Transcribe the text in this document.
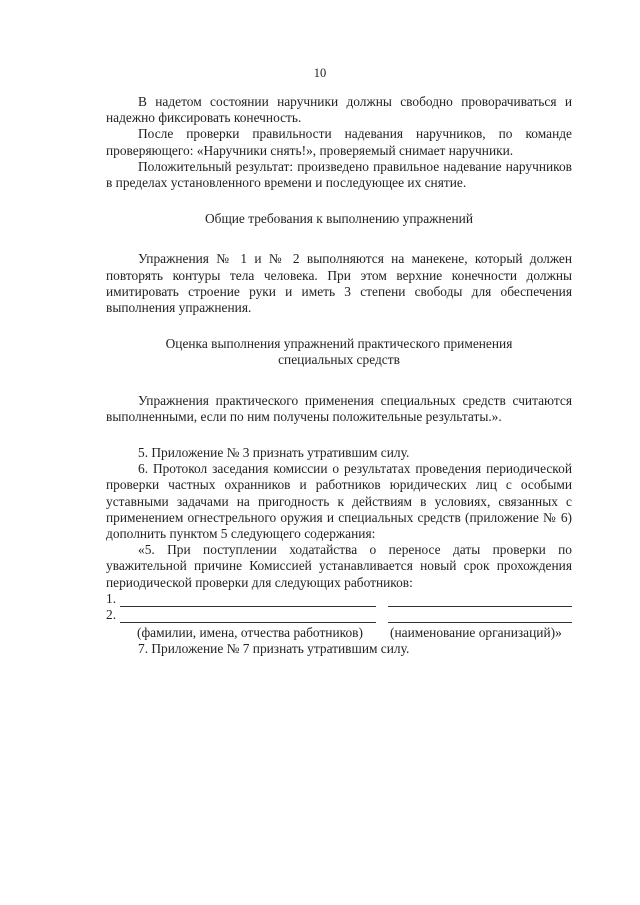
10

В надетом состоянии наручники должны свободно проворачиваться и надежно фиксировать конечность.

После проверки правильности надевания наручников, по команде проверяющего: «Наручники снять!», проверяемый снимает наручники.

Положительный результат: произведено правильное надевание наручников в пределах установленного времени и последующее их снятие.

Общие требования к выполнению упражнений

Упражнения № 1 и № 2 выполняются на манекене, который должен повторять контуры тела человека. При этом верхние конечности должны имитировать строение руки и иметь 3 степени свободы для обеспечения выполнения упражнения.

Оценка выполнения упражнений практического применения

специальных средств

Упражнения практического применения специальных средств считаются выполненными, если по ним получены положительные результаты.».

5. Приложение № 3 признать утратившим силу.

6. Протокол заседания комиссии о результатах проведения периодической проверки частных охранников и работников юридических лиц с особыми уставными задачами на пригодность к действиям в условиях, связанных с применением огнестрельного оружия и специальных средств (приложение № 6) дополнить пунктом 5 следующего содержания:

«5. При поступлении ходатайства о переносе даты проверки по уважительной причине Комиссией устанавливается новый срок прохождения периодической проверки для следующих работников:

1.
2.
(фамилии, имена, отчества работников)	(наименование организаций)»

7. Приложение № 7 признать утратившим силу.
